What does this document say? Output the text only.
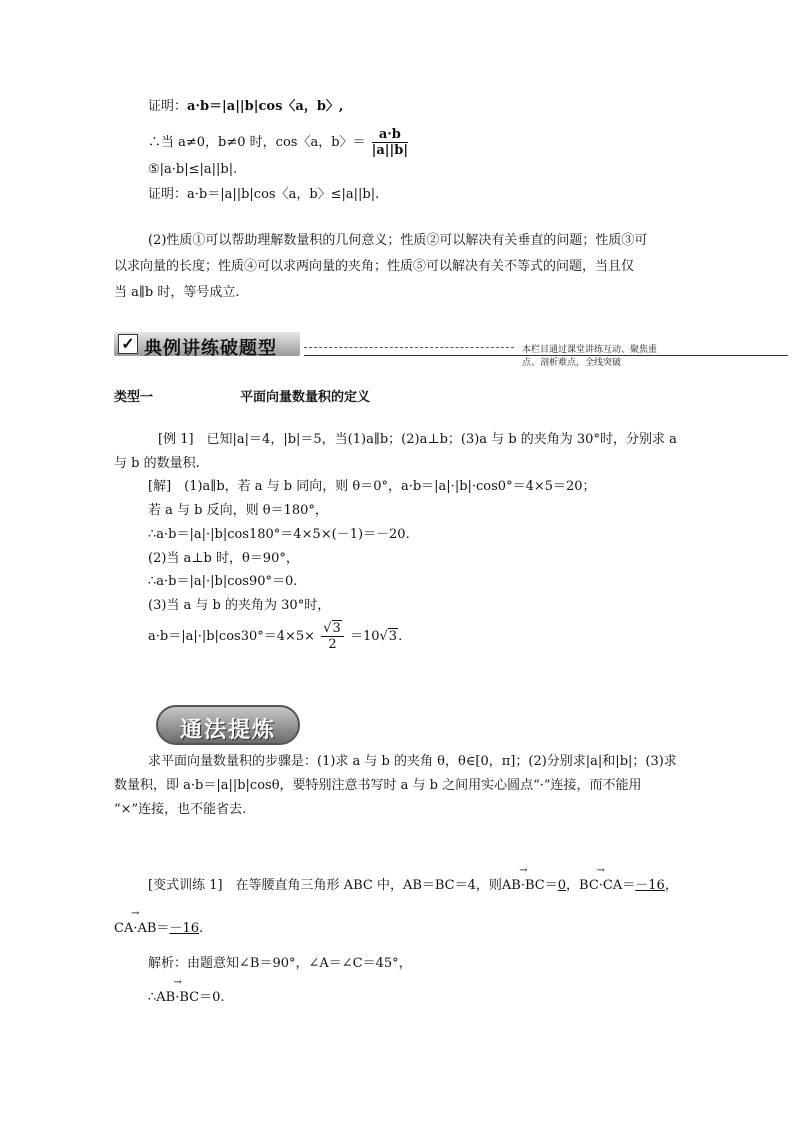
证明：a·b＝|a||b|cos〈a，b〉,
∴当 a≠0，b≠0 时，cos〈a，b〉＝ $\frac{a\cdot b}{|a||b|}$
⑤|a·b|≤|a||b|.
证明：a·b＝|a||b|cos〈a，b〉≤|a||b|.
(2)性质①可以帮助理解数量积的几何意义；性质②可以解决有关垂直的问题；性质③可
以求向量的长度；性质④可以求两向量的夹角；性质⑤可以解决有关不等式的问题，当且仅
当 a∥b 时，等号成立.
✓ 典例讲练破题型	本栏目通过课堂讲练互动、聚焦重点、剖析难点，全线突破
类型一	平面向量数量积的定义
[例 1]　已知|a|＝4，|b|＝5，当(1)a∥b；(2)a⊥b；(3)a 与 b 的夹角为 30°时，分别求 a
与 b 的数量积.
[解]　(1)a∥b，若 a 与 b 同向，则 θ＝0°，a·b＝|a|·|b|·cos0°＝4×5＝20；
若 a 与 b 反向，则 θ＝180°，
∴a·b＝|a|·|b|cos180°＝4×5×(－1)＝－20.
(2)当 a⊥b 时，θ＝90°，
∴a·b＝|a|·|b|cos90°＝0.
(3)当 a 与 b 的夹角为 30°时，
$a\cdot b=|a|\cdot|b|\cos 30^\circ=4\times 5\times \frac{√3}{2} =10√3$.
通法提炼
求平面向量数量积的步骤是：(1)求 a 与 b 的夹角 θ，θ∈[0，π]；(2)分别求|a|和|b|；(3)求
数量积，即 a·b＝|a||b|cosθ，要特别注意书写时 a 与 b 之间用实心圆点“·”连接，而不能用
“×”连接，也不能省去.
[变式训练 1]　在等腰直角三角形 ABC 中，AB＝BC＝4，则→ AB·BC＝0，→ BC·CA＝－16，
→ CA·AB＝－16.
解析：由题意知∠B＝90°，∠A＝∠C＝45°，
∴→ AB·BC＝0.
